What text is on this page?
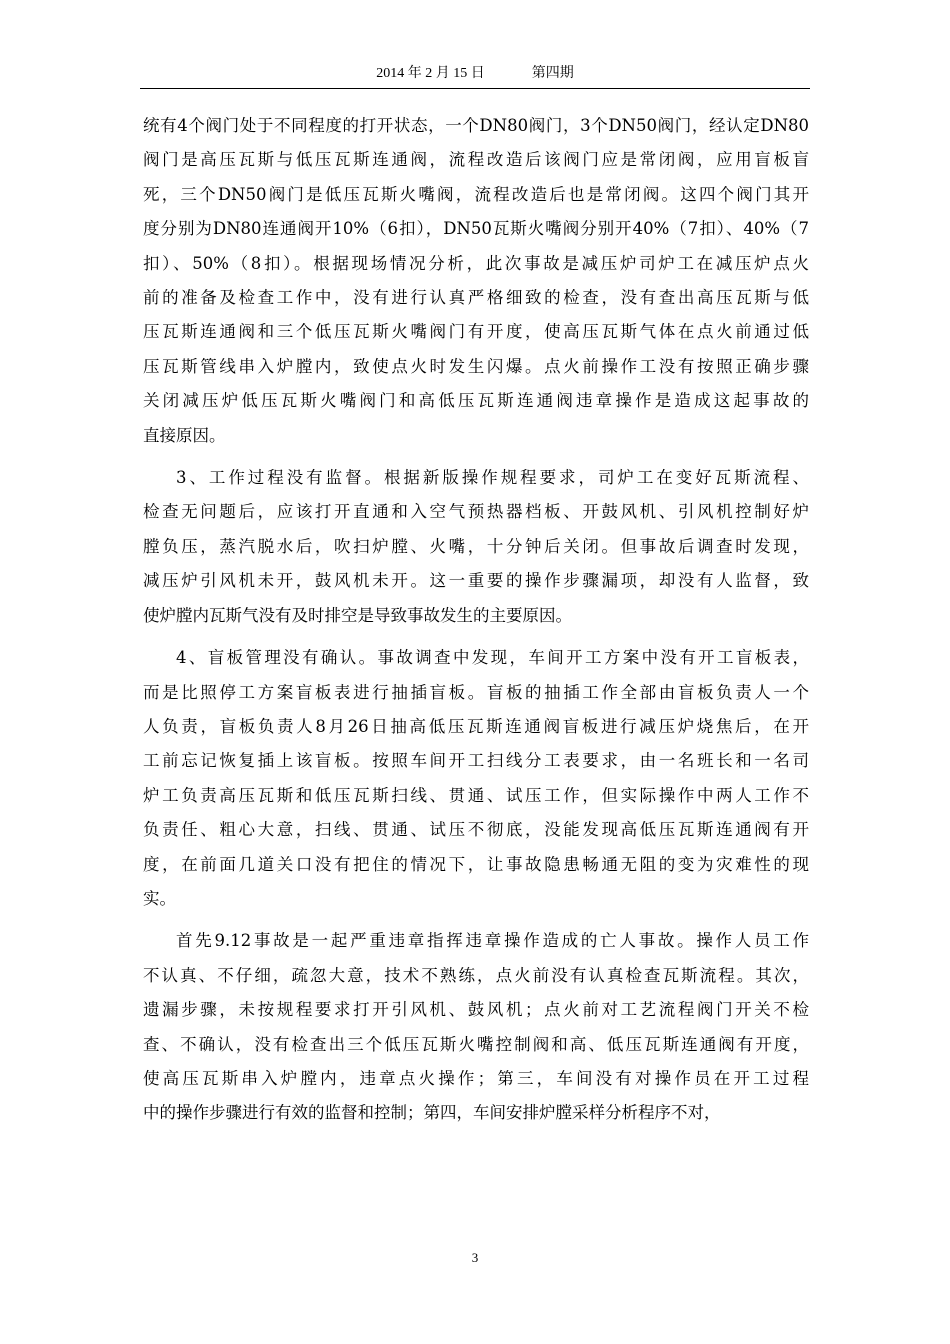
2014 年 2 月 15 日	第四期

统有4个阀门处于不同程度的打开状态，一个DN80阀门，3个DN50阀门，经认定DN80
阀门是高压瓦斯与低压瓦斯连通阀，流程改造后该阀门应是常闭阀，应用盲板盲
死，三个DN50阀门是低压瓦斯火嘴阀，流程改造后也是常闭阀。这四个阀门其开
度分别为DN80连通阀开10%（6扣），DN50瓦斯火嘴阀分别开40%（7扣）、40%（7
扣）、50%（8扣）。根据现场情况分析，此次事故是减压炉司炉工在减压炉点火
前的准备及检查工作中，没有进行认真严格细致的检查，没有查出高压瓦斯与低
压瓦斯连通阀和三个低压瓦斯火嘴阀门有开度，使高压瓦斯气体在点火前通过低
压瓦斯管线串入炉膛内，致使点火时发生闪爆。点火前操作工没有按照正确步骤
关闭减压炉低压瓦斯火嘴阀门和高低压瓦斯连通阀违章操作是造成这起事故的
直接原因。

3、工作过程没有监督。根据新版操作规程要求，司炉工在变好瓦斯流程、
检查无问题后，应该打开直通和入空气预热器档板、开鼓风机、引风机控制好炉
膛负压，蒸汽脱水后，吹扫炉膛、火嘴，十分钟后关闭。但事故后调查时发现，
减压炉引风机未开，鼓风机未开。这一重要的操作步骤漏项，却没有人监督，致
使炉膛内瓦斯气没有及时排空是导致事故发生的主要原因。

4、盲板管理没有确认。事故调查中发现，车间开工方案中没有开工盲板表，
而是比照停工方案盲板表进行抽插盲板。盲板的抽插工作全部由盲板负责人一个
人负责，盲板负责人8月26日抽高低压瓦斯连通阀盲板进行减压炉烧焦后，在开
工前忘记恢复插上该盲板。按照车间开工扫线分工表要求，由一名班长和一名司
炉工负责高压瓦斯和低压瓦斯扫线、贯通、试压工作，但实际操作中两人工作不
负责任、粗心大意，扫线、贯通、试压不彻底，没能发现高低压瓦斯连通阀有开
度，在前面几道关口没有把住的情况下，让事故隐患畅通无阻的变为灾难性的现
实。

首先9.12事故是一起严重违章指挥违章操作造成的亡人事故。操作人员工作
不认真、不仔细，疏忽大意，技术不熟练，点火前没有认真检查瓦斯流程。其次，
遗漏步骤，未按规程要求打开引风机、鼓风机；点火前对工艺流程阀门开关不检
查、不确认，没有检查出三个低压瓦斯火嘴控制阀和高、低压瓦斯连通阀有开度，
使高压瓦斯串入炉膛内，违章点火操作；第三，车间没有对操作员在开工过程
中的操作步骤进行有效的监督和控制；第四，车间安排炉膛采样分析程序不对，

3
